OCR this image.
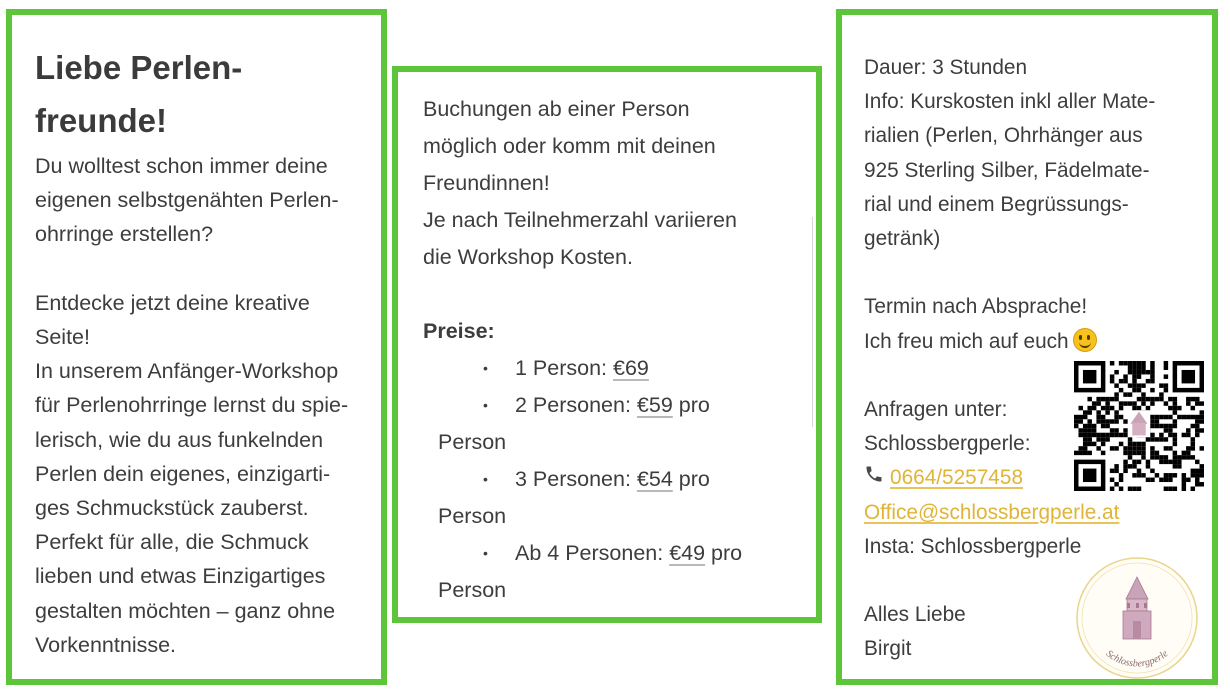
Liebe Perlen-
freunde!
Du wolltest schon immer deine
eigenen selbstgenähten Perlen-
ohrringe erstellen?

Entdecke jetzt deine kreative
Seite!
In unserem Anfänger-Workshop
für Perlenohrringe lernst du spie-
lerisch, wie du aus funkelnden
Perlen dein eigenes, einzigarti-
ges Schmuckstück zauberst.
Perfekt für alle, die Schmuck
lieben und etwas Einzigartiges
gestalten möchten – ganz ohne
Vorkenntnisse.
Buchungen ab einer Person
möglich oder komm mit deinen
Freundinnen!
Je nach Teilnehmerzahl variieren
die Workshop Kosten.

Preise:
• 1 Person: €69
• 2 Personen: €59 pro
Person
• 3 Personen: €54 pro
Person
• Ab 4 Personen: €49 pro
Person
Dauer: 3 Stunden
Info: Kurskosten inkl aller Mate-
rialien (Perlen, Ohrhänger aus
925 Sterling Silber, Fädelmate-
rial und einem Begrüssungs-
getränk)

Termin nach Absprache!
Ich freu mich auf euch

Anfragen unter:
Schlossbergperle:
0664/5257458
Office@schlossbergperle.at
Insta: Schlossbergperle

Alles Liebe
Birgit	Schlossbergperle
